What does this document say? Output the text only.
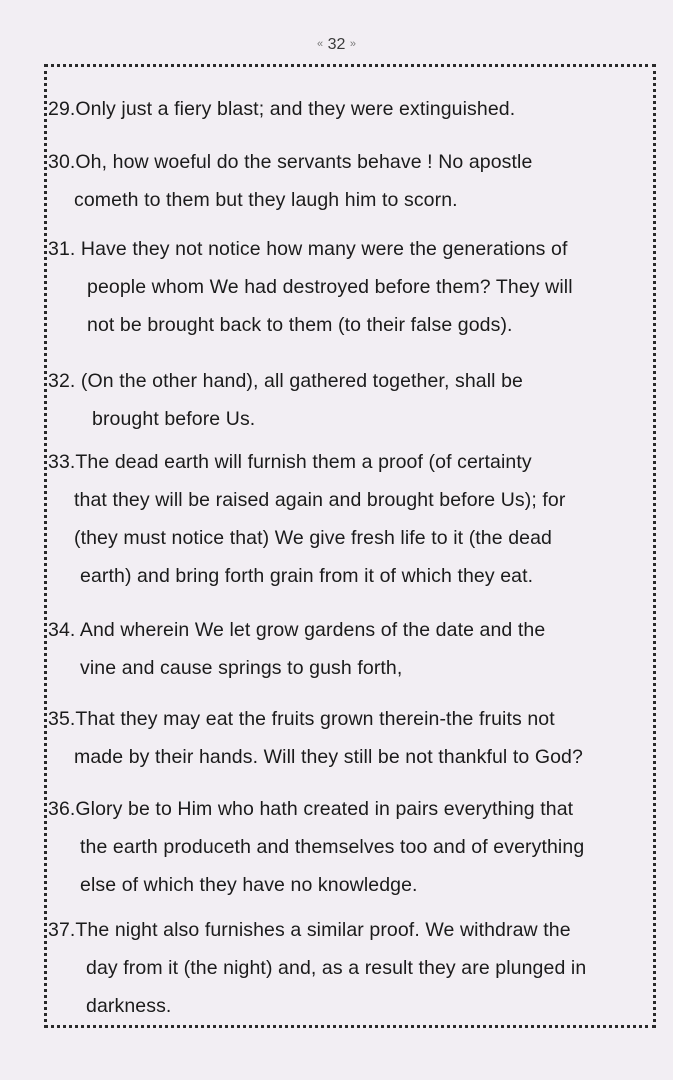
« 32 »
29.Only just a fiery blast; and they were extinguished.
30.Oh, how woeful do the servants behave ! No apostle
cometh to them but they laugh him to scorn.
31. Have they not notice how many were the generations of
people whom We had destroyed before them? They will
not be brought back to them (to their false gods).
32. (On the other hand), all gathered together, shall be
brought before Us.
33.The dead earth will furnish them a proof (of certainty
that they will be raised again and brought before Us); for
(they must notice that) We give fresh life to it (the dead
earth) and bring forth grain from it of which they eat.
34. And wherein We let grow gardens of the date and the
vine and cause springs to gush forth,
35.That they may eat the fruits grown therein-the fruits not
made by their hands. Will they still be not thankful to God?
36.Glory be to Him who hath created in pairs everything that
the earth produceth and themselves too and of everything
else of which they have no knowledge.
37.The night also furnishes a similar proof. We withdraw the
day from it (the night) and, as a result they are plunged in
darkness.
